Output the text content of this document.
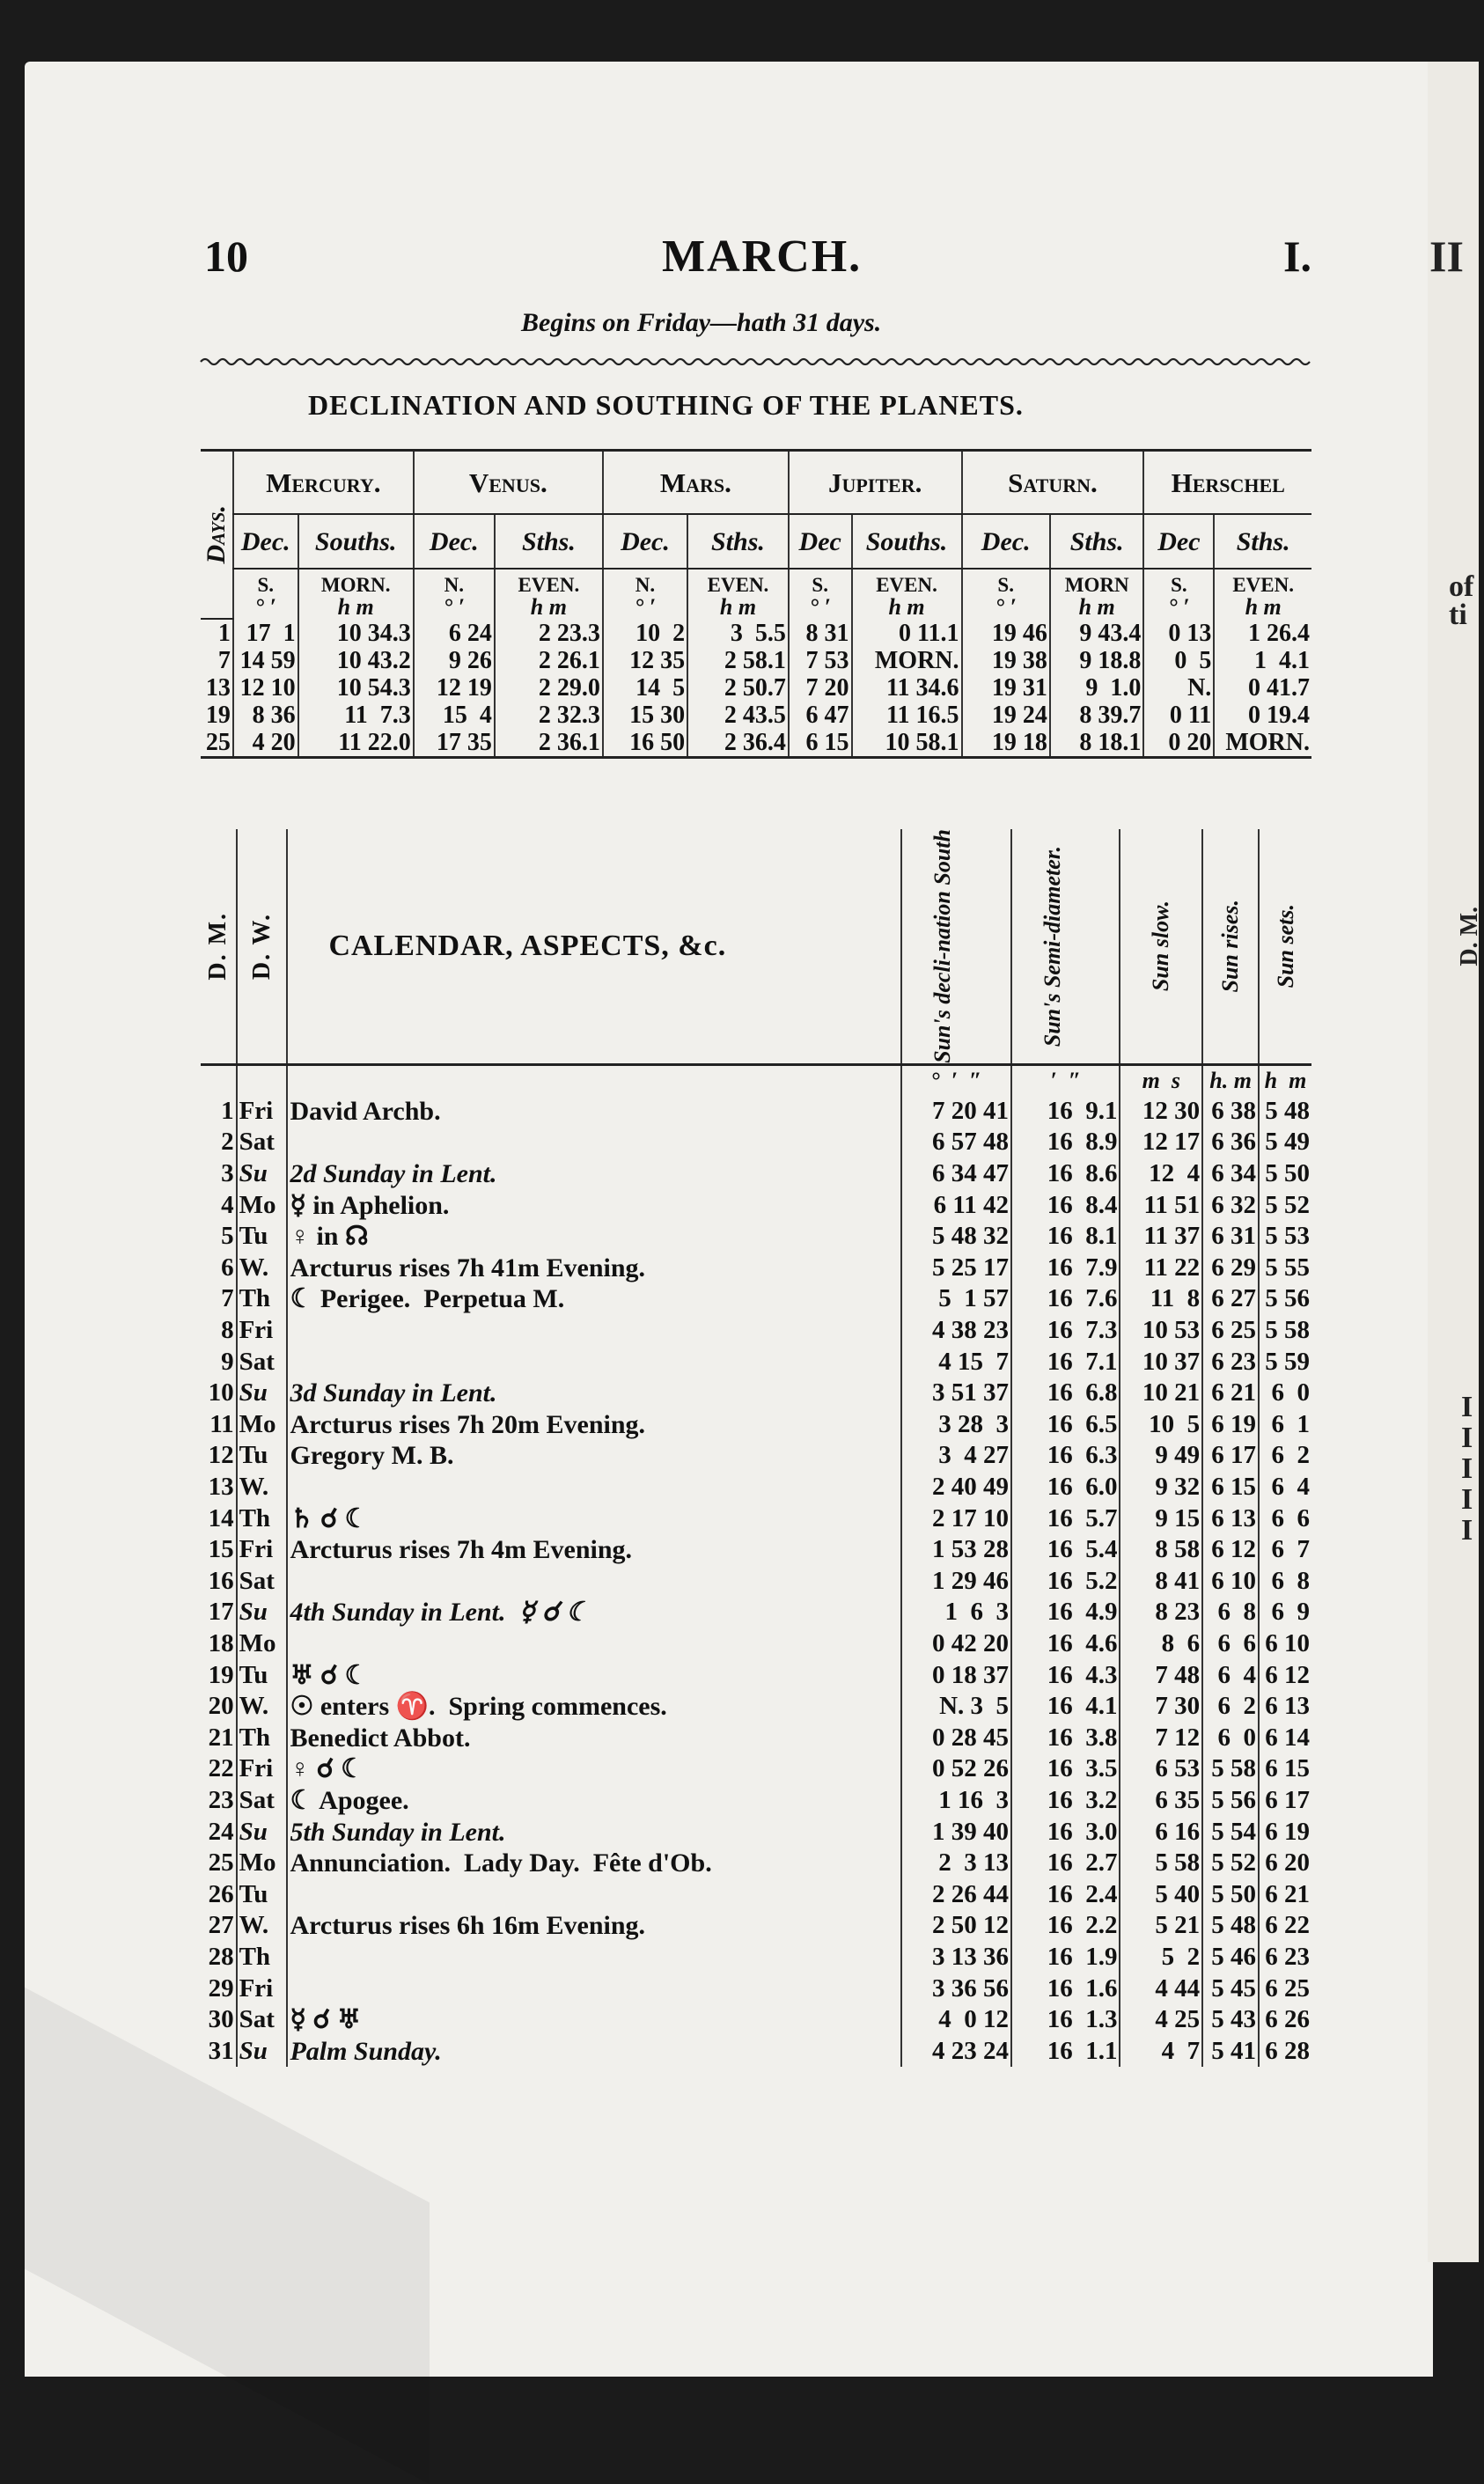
II
of
ti
D. M.
I
I
I
I
I
10	MARCH.	I.
Begins on Friday—hath 31 days.
DECLINATION AND SOUTHING OF THE PLANETS.
Days.	Mercury.		Venus.		Mars.		Jupiter.		Saturn.		Herschel	
	Dec.	Souths.	Dec.	Sths.	Dec.	Sths.	Dec	Souths.	Dec.	Sths.	Dec	Sths.
	S.	MORN.	N.	EVEN.	N.	EVEN.	S.	EVEN.	S.	MORN	S.	EVEN.
	° ′	h m	° ′	h m	° ′	h m	° ′	h m	° ′	h m	° ′	h m
1	17  1	10 34.3	6 24	2 23.3	10  2	3  5.5	8 31	0 11.1	19 46	9 43.4	0 13	1 26.4
7	14 59	10 43.2	9 26	2 26.1	12 35	2 58.1	7 53	MORN.	19 38	9 18.8	0  5	1  4.1
13	12 10	10 54.3	12 19	2 29.0	14  5	2 50.7	7 20	11 34.6	19 31	9  1.0	N.	0 41.7
19	8 36	11  7.3	15  4	2 32.3	15 30	2 43.5	6 47	11 16.5	19 24	8 39.7	0 11	0 19.4
25	4 20	11 22.0	17 35	2 36.1	16 50	2 36.4	6 15	10 58.1	19 18	8 18.1	0 20	MORN.
D. M.	D. W.	CALENDAR, ASPECTS, &c.	Sun's decli-nation South	Sun's Semi-diameter.	Sun slow.	Sun rises.	Sun sets.

			°  ′  ″	′  ″	m  s	h. m	h  m
1	Fri	David Archb.	7 20 41	16  9.1	12 30	6 38	5 48
2	Sat		6 57 48	16  8.9	12 17	6 36	5 49
3	Su	2d Sunday in Lent.	6 34 47	16  8.6	12  4	6 34	5 50
4	Mo	☿ in Aphelion.	6 11 42	16  8.4	11 51	6 32	5 52
5	Tu	♀ in ☊	5 48 32	16  8.1	11 37	6 31	5 53
6	W.	Arcturus rises 7h 41m Evening.	5 25 17	16  7.9	11 22	6 29	5 55
7	Th	☾ Perigee.  Perpetua M.	5  1 57	16  7.6	11  8	6 27	5 56
8	Fri		4 38 23	16  7.3	10 53	6 25	5 58
9	Sat		4 15  7	16  7.1	10 37	6 23	5 59
10	Su	3d Sunday in Lent.	3 51 37	16  6.8	10 21	6 21	6  0
11	Mo	Arcturus rises 7h 20m Evening.	3 28  3	16  6.5	10  5	6 19	6  1
12	Tu	Gregory M. B.	3  4 27	16  6.3	9 49	6 17	6  2
13	W.		2 40 49	16  6.0	9 32	6 15	6  4
14	Th	♄ ☌ ☾	2 17 10	16  5.7	9 15	6 13	6  6
15	Fri	Arcturus rises 7h 4m Evening.	1 53 28	16  5.4	8 58	6 12	6  7
16	Sat		1 29 46	16  5.2	8 41	6 10	6  8
17	Su	4th Sunday in Lent.  ☿ ☌ ☾	1  6  3	16  4.9	8 23	6  8	6  9
18	Mo		0 42 20	16  4.6	8  6	6  6	6 10
19	Tu	♅ ☌ ☾	0 18 37	16  4.3	7 48	6  4	6 12
20	W.	☉ enters ♈.  Spring commences.	N. 3  5	16  4.1	7 30	6  2	6 13
21	Th	Benedict Abbot.	0 28 45	16  3.8	7 12	6  0	6 14
22	Fri	♀ ☌ ☾	0 52 26	16  3.5	6 53	5 58	6 15
23	Sat	☾ Apogee.	1 16  3	16  3.2	6 35	5 56	6 17
24	Su	5th Sunday in Lent.	1 39 40	16  3.0	6 16	5 54	6 19
25	Mo	Annunciation.  Lady Day.  Fête d'Ob.	2  3 13	16  2.7	5 58	5 52	6 20
26	Tu		2 26 44	16  2.4	5 40	5 50	6 21
27	W.	Arcturus rises 6h 16m Evening.	2 50 12	16  2.2	5 21	5 48	6 22
28	Th		3 13 36	16  1.9	5  2	5 46	6 23
29	Fri		3 36 56	16  1.6	4 44	5 45	6 25
30	Sat	☿ ☌ ♅	4  0 12	16  1.3	4 25	5 43	6 26
31	Su	Palm Sunday.	4 23 24	16  1.1	4  7	5 41	6 28
